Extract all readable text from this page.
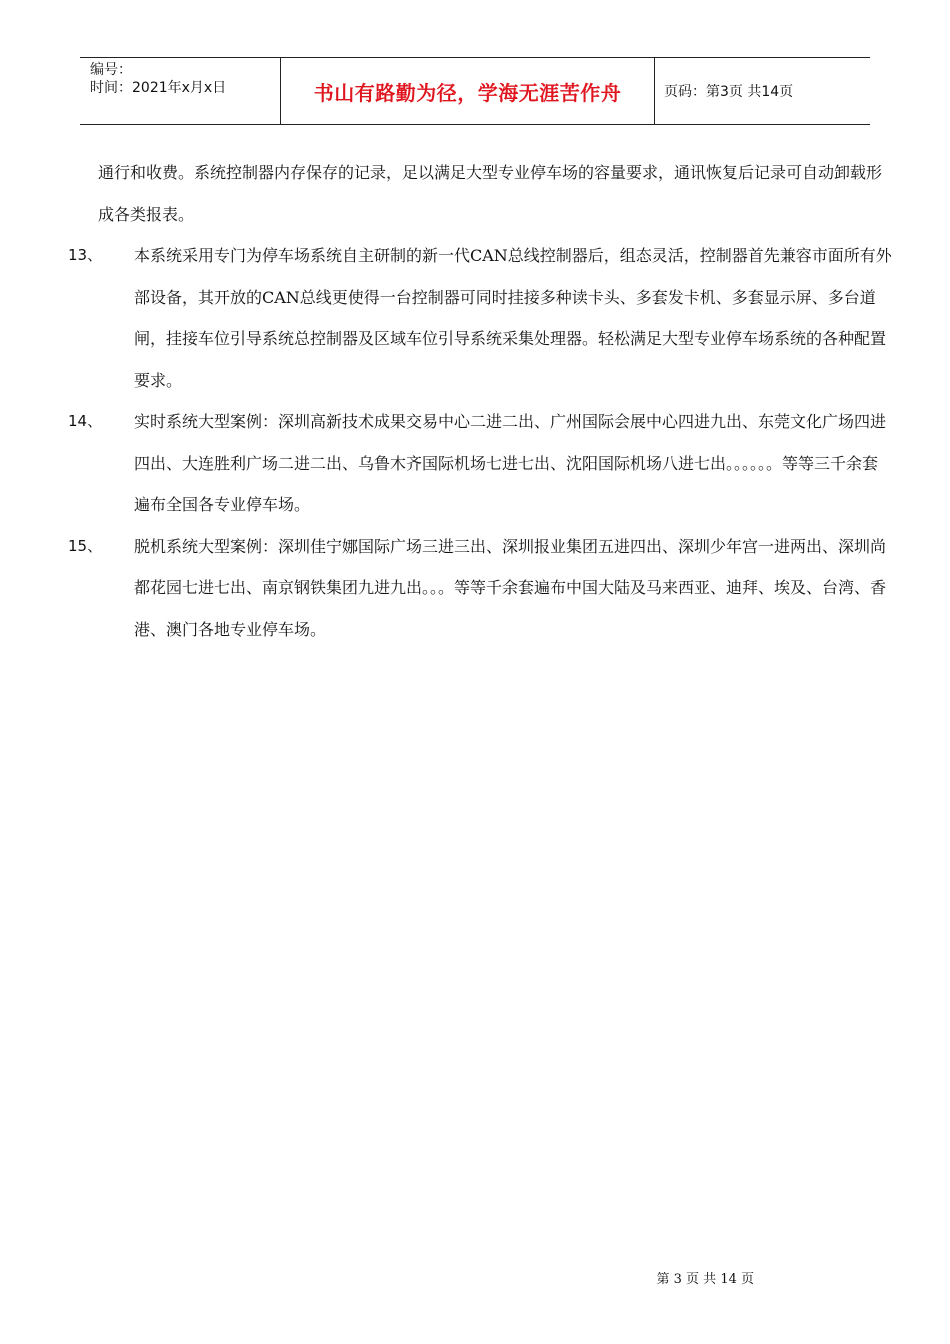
编号：
时间：2021年x月x日	书山有路勤为径，学海无涯苦作舟	页码：第3页 共14页

通行和收费。系统控制器内存保存的记录，足以满足大型专业停车场的容量要求，通讯恢复后记录可自动卸载形成各类报表。

13、 本系统采用专门为停车场系统自主研制的新一代CAN总线控制器后，组态灵活，控制器首先兼容市面所有外部设备，其开放的CAN总线更使得一台控制器可同时挂接多种读卡头、多套发卡机、多套显示屏、多台道闸，挂接车位引导系统总控制器及区域车位引导系统采集处理器。轻松满足大型专业停车场系统的各种配置要求。
14、 实时系统大型案例：深圳高新技术成果交易中心二进二出、广州国际会展中心四进九出、东莞文化广场四进四出、大连胜利广场二进二出、乌鲁木齐国际机场七进七出、沈阳国际机场八进七出。。。。。。等等三千余套遍布全国各专业停车场。
15、 脱机系统大型案例：深圳佳宁娜国际广场三进三出、深圳报业集团五进四出、深圳少年宫一进两出、深圳尚都花园七进七出、南京钢铁集团九进九出。。。等等千余套遍布中国大陆及马来西亚、迪拜、埃及、台湾、香港、澳门各地专业停车场。
第 3 页 共 14 页
